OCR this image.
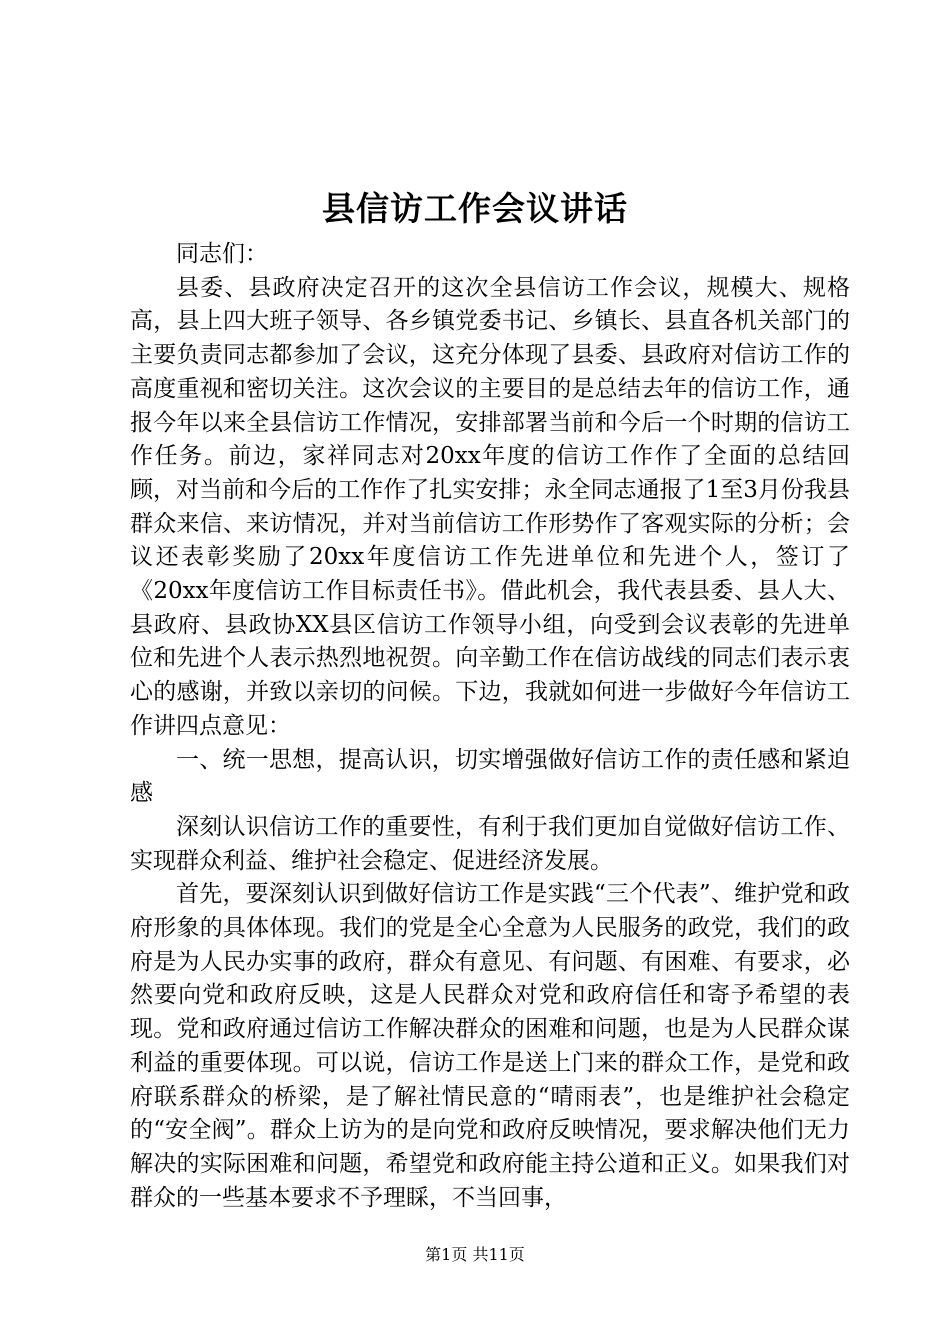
县信访工作会议讲话

同志们：

县委、县政府决定召开的这次全县信访工作会议，规模大、规格高，县上四大班子领导、各乡镇党委书记、乡镇长、县直各机关部门的主要负责同志都参加了会议，这充分体现了县委、县政府对信访工作的高度重视和密切关注。这次会议的主要目的是总结去年的信访工作，通报今年以来全县信访工作情况，安排部署当前和今后一个时期的信访工作任务。前边，家祥同志对20xx年度的信访工作作了全面的总结回顾，对当前和今后的工作作了扎实安排；永全同志通报了1至3月份我县群众来信、来访情况，并对当前信访工作形势作了客观实际的分析；会议还表彰奖励了20xx年度信访工作先进单位和先进个人，签订了《20xx年度信访工作目标责任书》。借此机会，我代表县委、县人大、县政府、县政协XX县区信访工作领导小组，向受到会议表彰的先进单位和先进个人表示热烈地祝贺。向辛勤工作在信访战线的同志们表示衷心的感谢，并致以亲切的问候。下边，我就如何进一步做好今年信访工作讲四点意见：

一、统一思想，提高认识，切实增强做好信访工作的责任感和紧迫感

深刻认识信访工作的重要性，有利于我们更加自觉做好信访工作、实现群众利益、维护社会稳定、促进经济发展。

首先，要深刻认识到做好信访工作是实践“三个代表”、维护党和政府形象的具体体现。我们的党是全心全意为人民服务的政党，我们的政府是为人民办实事的政府，群众有意见、有问题、有困难、有要求，必然要向党和政府反映，这是人民群众对党和政府信任和寄予希望的表现。党和政府通过信访工作解决群众的困难和问题，也是为人民群众谋利益的重要体现。可以说，信访工作是送上门来的群众工作，是党和政府联系群众的桥梁，是了解社情民意的“晴雨表”，也是维护社会稳定的“安全阀”。群众上访为的是向党和政府反映情况，要求解决他们无力解决的实际困难和问题，希望党和政府能主持公道和正义。如果我们对群众的一些基本要求不予理睬，不当回事，

第1页 共11页
